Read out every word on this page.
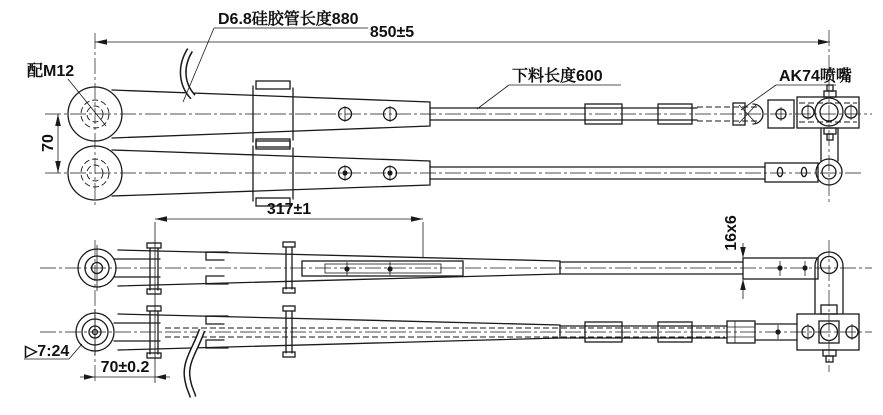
850±5
D6.8硅胶管长度880
配M12
70
下料长度600	AK74喷嘴
317±1
16x6
▷7:24
70±0.2
